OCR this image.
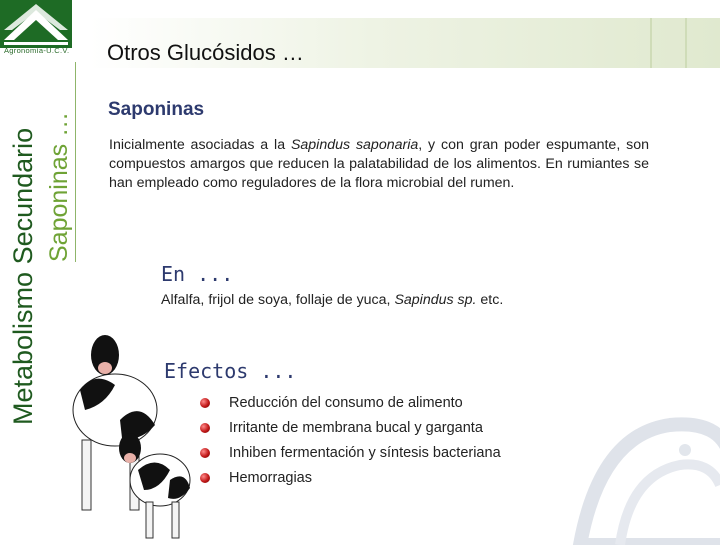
Agronomía-U.C.V. Otros Glucósidos …
Metabolismo Secundario Saponinas …
Saponinas

Inicialmente asociadas a la Sapindus saponaria, y con gran poder espumante, son compuestos amargos que reducen la palatabilidad de los alimentos. En rumiantes se han empleado como reguladores de la flora microbial del rumen.

En ...
Alfalfa, frijol de soya, follaje de yuca, Sapindus sp. etc.
Efectos ...
Reducción del consumo de alimento
Irritante de membrana bucal y garganta
Inhiben fermentación y síntesis bacteriana
Hemorragias
